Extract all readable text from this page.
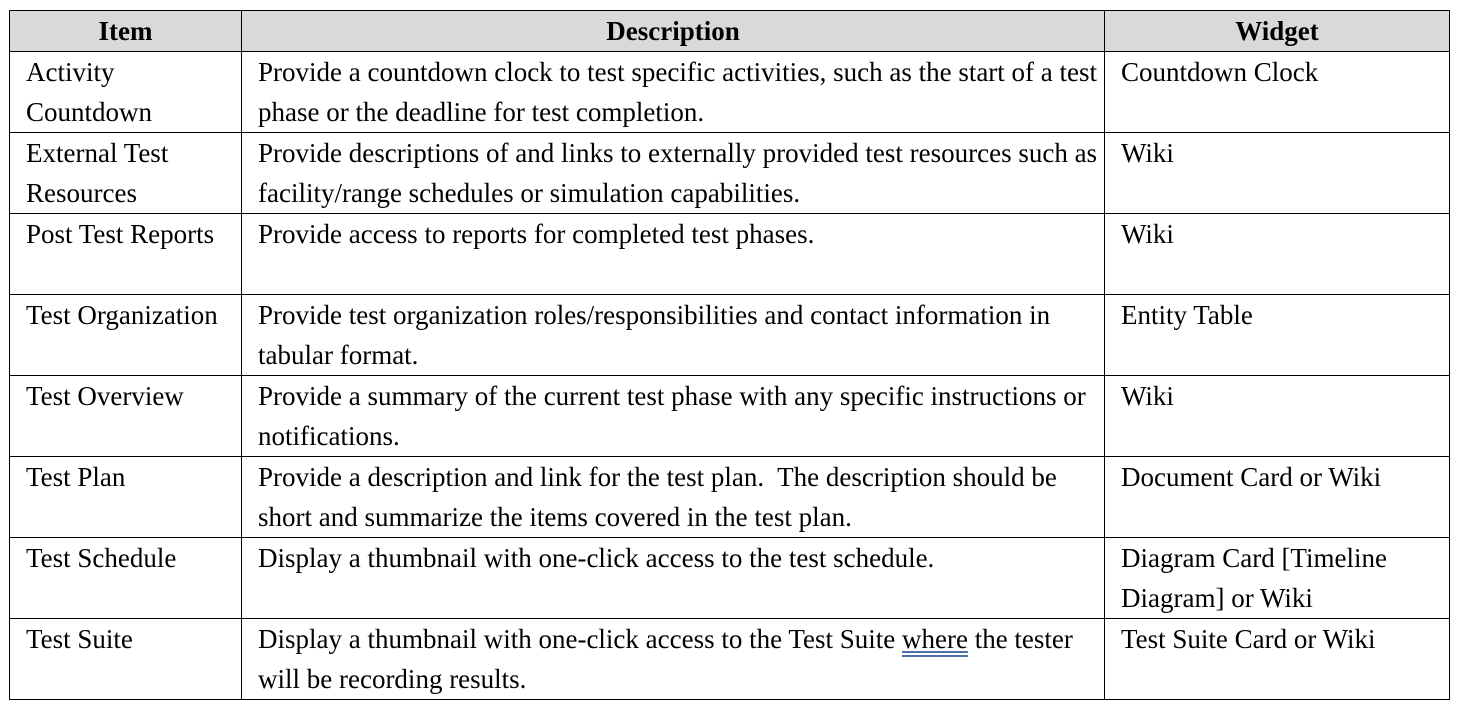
Item	Description	Widget
Activity Countdown	Provide a countdown clock to test specific activities, such as the start of a test phase or the deadline for test completion.	Countdown Clock
External Test Resources	Provide descriptions of and links to externally provided test resources such as facility/range schedules or simulation capabilities.	Wiki
Post Test Reports	Provide access to reports for completed test phases.	Wiki
Test Organization	Provide test organization roles/responsibilities and contact information in tabular format.	Entity Table
Test Overview	Provide a summary of the current test phase with any specific instructions or notifications.	Wiki
Test Plan	Provide a description and link for the test plan.  The description should be short and summarize the items covered in the test plan.	Document Card or Wiki
Test Schedule	Display a thumbnail with one-click access to the test schedule.	Diagram Card [Timeline Diagram] or Wiki
Test Suite	Display a thumbnail with one-click access to the Test Suite where the tester will be recording results.	Test Suite Card or Wiki
